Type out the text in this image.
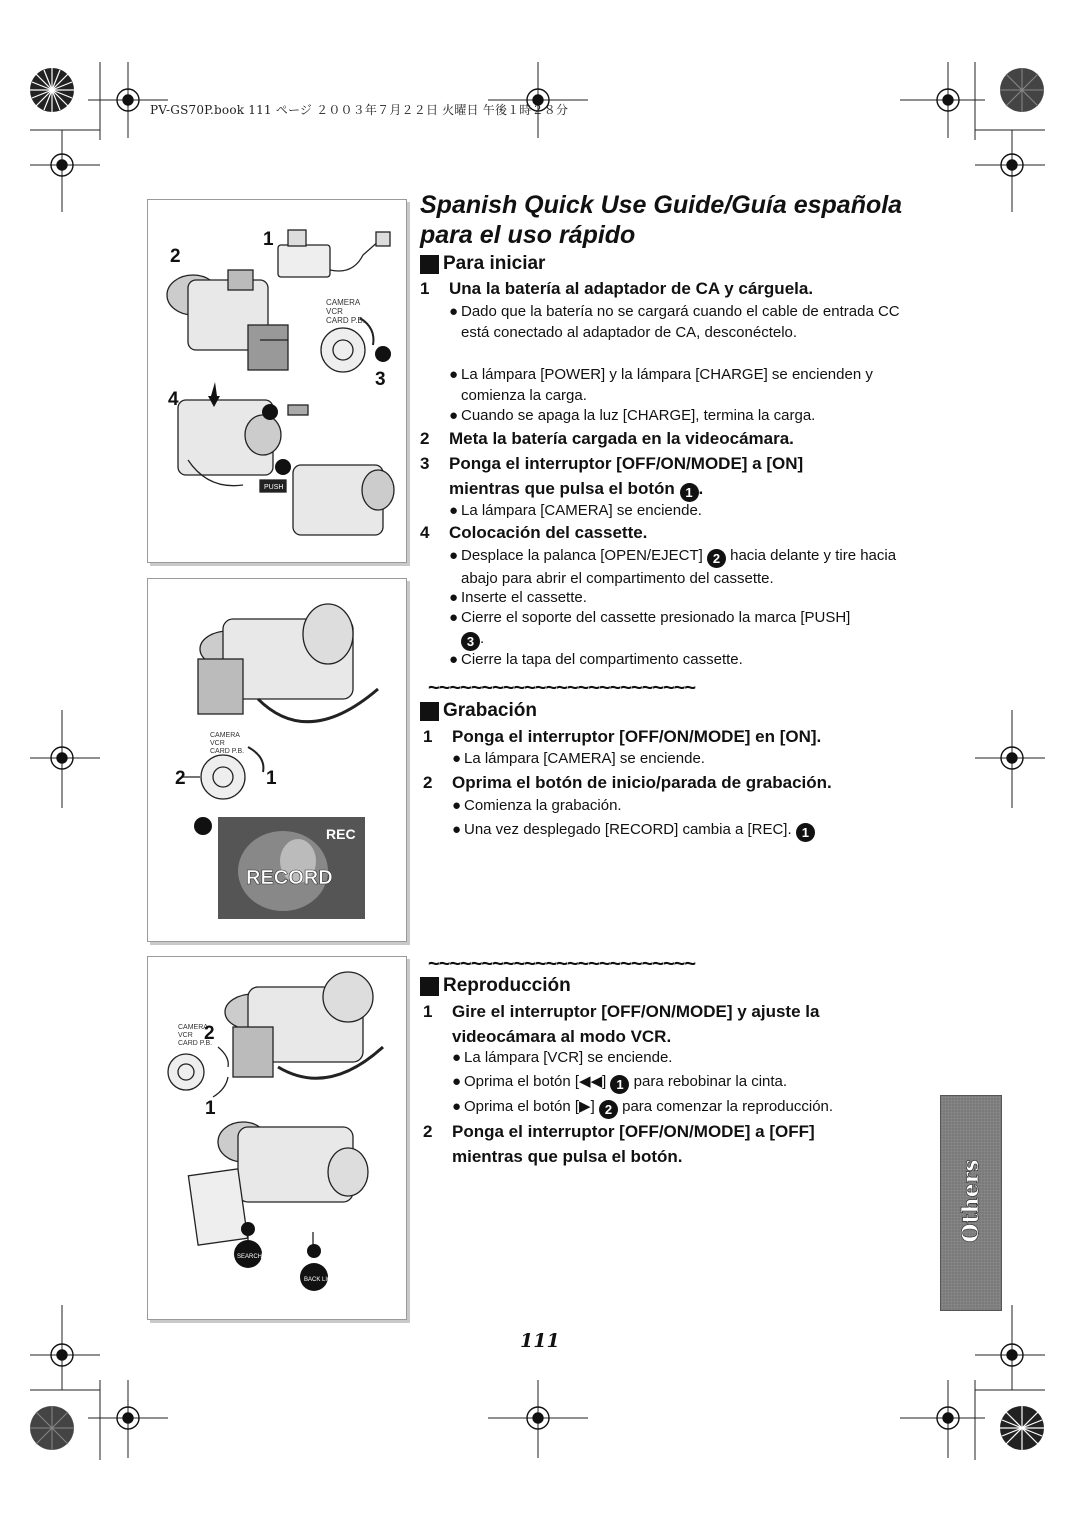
PV-GS70P.book 111 ページ ２００３年７月２２日 火曜日 午後１時２８分
CAMERA
VCR
CARD P.B.
PUSH
1
2
3
4
CAMERA
VCR
CARD P.B.
REC
RECORD
2	1
CAMERA
VCR
CARD P.B.
SEARCH
BACK LIGHT
2
1
Spanish Quick Use Guide/Guía española para el uso rápido
Para iniciar
1 Una la batería al adaptador de CA y cárguela.
● Dado que la batería no se cargará cuando el cable de entrada CC está conectado al adaptador de CA, desconéctelo.
● La lámpara [POWER] y la lámpara [CHARGE] se encienden y comienza la carga.
● Cuando se apaga la luz [CHARGE], termina la carga.
2 Meta la batería cargada en la videocámara.
3 Ponga el interruptor [OFF/ON/MODE] a [ON]
mientras que pulsa el botón 1 .
● La lámpara [CAMERA] se enciende.
4 Colocación del cassette.
● Desplace la palanca [OPEN/EJECT] 2 hacia delante y tire hacia abajo para abrir el compartimento del cassette.
● Inserte el cassette.
● Cierre el soporte del cassette presionado la marca [PUSH]
3 .
● Cierre la tapa del compartimento cassette.
~~~~~~~~~~~~~~~~~~~~~~~~~
Grabación
1 Ponga el interruptor [OFF/ON/MODE] en [ON].
● La lámpara [CAMERA] se enciende.
2 Oprima el botón de inicio/parada de grabación.
● Comienza la grabación.
● Una vez desplegado [RECORD] cambia a [REC]. 1
~~~~~~~~~~~~~~~~~~~~~~~~~
Reproducción
1 Gire el interruptor [OFF/ON/MODE] y ajuste la videocámara al modo VCR.
● La lámpara [VCR] se enciende.
● Oprima el botón [◀◀] 1 para rebobinar la cinta.
● Oprima el botón [▶] 2 para comenzar la reproducción.
2 Ponga el interruptor [OFF/ON/MODE] a [OFF] mientras que pulsa el botón.
Others
111
